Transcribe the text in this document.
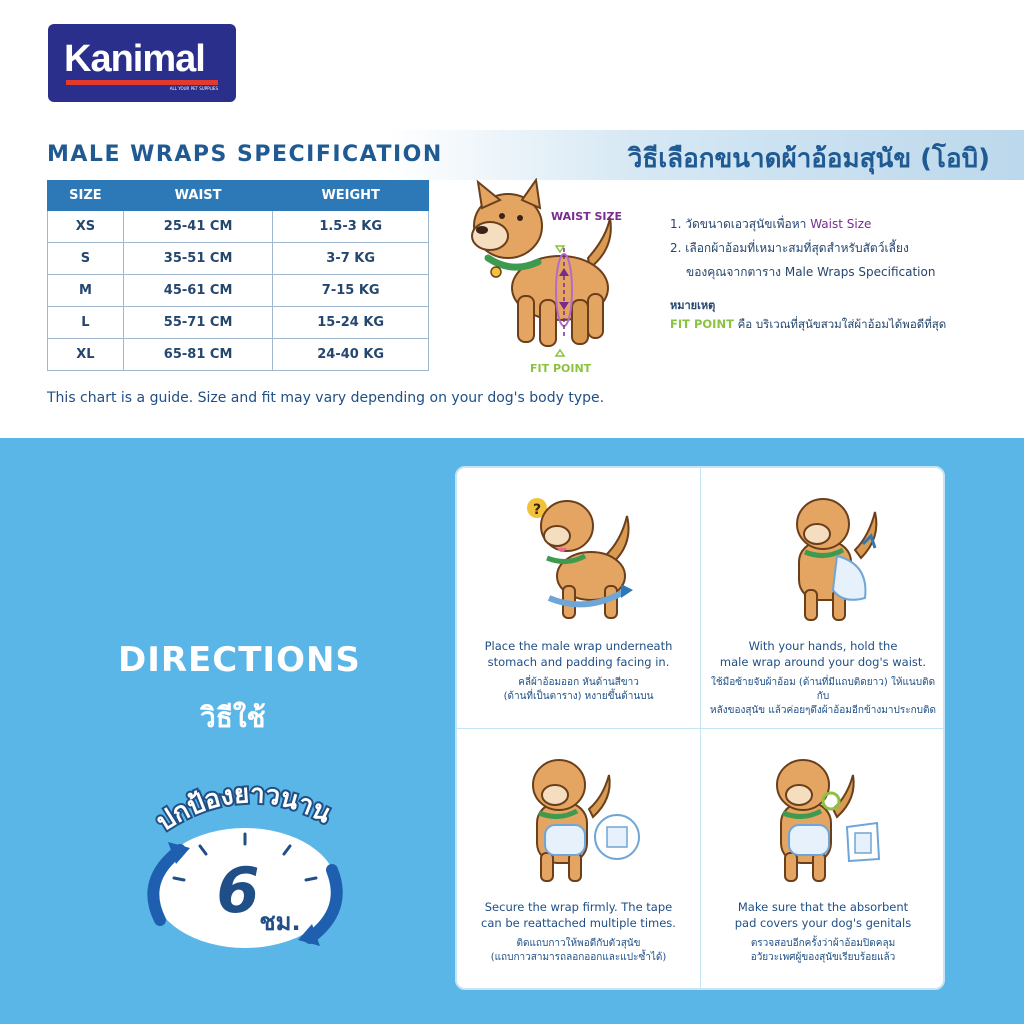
Kanimal
ALL YOUR PET SUPPLIES
MALE WRAPS SPECIFICATION	วิธีเลือกขนาดผ้าอ้อมสุนัข (โอบิ)
SIZE	WAIST	WEIGHT
XS	25-41 CM	1.5-3 KG
S	35-51 CM	3-7 KG
M	45-61 CM	7-15 KG
L	55-71 CM	15-24 KG
XL	65-81 CM	24-40 KG
This chart is a guide. Size and fit may vary depending on your dog's body type.
WAIST SIZE
FIT POINT
1. วัดขนาดเอวสุนัขเพื่อหา Waist Size
2. เลือกผ้าอ้อมที่เหมาะสมที่สุดสำหรับสัตว์เลี้ยง
ของคุณจากตาราง Male Wraps Specification
หมายเหตุ
FIT POINT คือ บริเวณที่สุนัขสวมใส่ผ้าอ้อมได้พอดีที่สุด
DIRECTIONS
วิธีใช้
ปกป้องยาวนาน
6 ชม.
?
Place the male wrap underneath
stomach and padding facing in.
คลี่ผ้าอ้อมออก หันด้านสีขาว
(ด้านที่เป็นตาราง) หงายขึ้นด้านบน
With your hands, hold the
male wrap around your dog's waist.
ใช้มือซ้ายจับผ้าอ้อม (ด้านที่มีแถบติดยาว) ให้แนบติดกับ
หลังของสุนัข แล้วค่อยๆดึงผ้าอ้อมอีกข้างมาประกบติด
Secure the wrap firmly. The tape
can be reattached multiple times.
ติดแถบกาวให้พอดีกับตัวสุนัข
(แถบกาวสามารถลอกออกและแปะซ้ำได้)
Make sure that the absorbent
pad covers your dog's genitals
ตรวจสอบอีกครั้งว่าผ้าอ้อมปิดคลุม
อวัยวะเพศผู้ของสุนัขเรียบร้อยแล้ว
